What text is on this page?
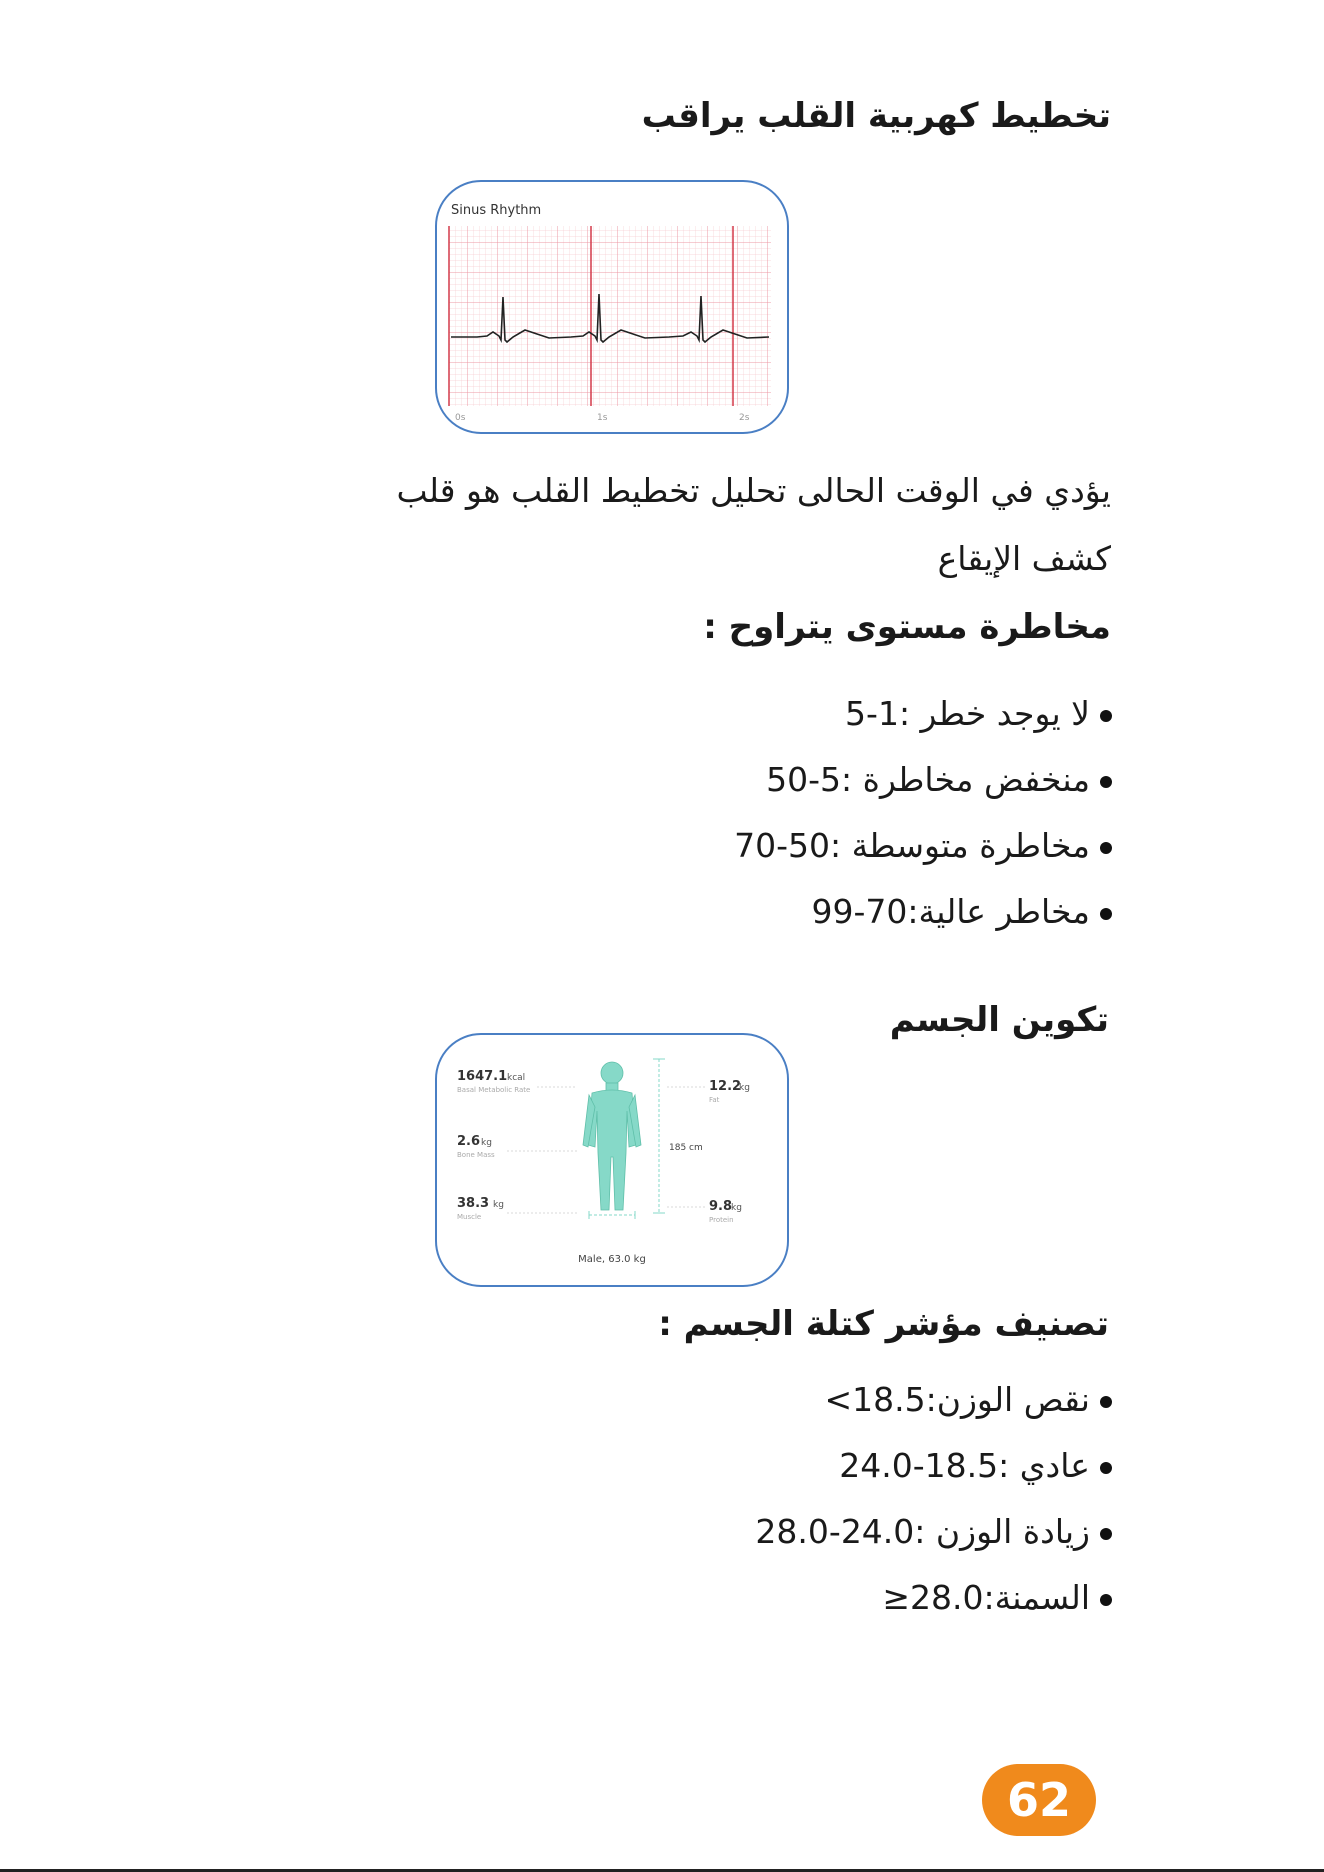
تخطيط كهربية القلب يراقب
Sinus Rhythm
0s	1s	2s
يؤدي في الوقت الحالى تحليل تخطيط القلب هو قلب كشف الإيقاع
مخاطرة مستوى يتراوح :
لا يوجد خطر :1-5
منخفض مخاطرة :5-50
مخاطرة متوسطة :50-70
مخاطر عالية:70-99
تكوين الجسم
1647.1 kcal
Basal Metabolic Rate
2.6 kg
Bone Mass
38.3 kg
Muscle
185 cm
12.2
kg
Fat
9.8
kg
Protein
Male, 63.0 kg
تصنيف مؤشر كتلة الجسم :
نقص الوزن:18.5>
عادي :18.5-24.0
زيادة الوزن :24.0-28.0
السمنة:28.0≤
62
